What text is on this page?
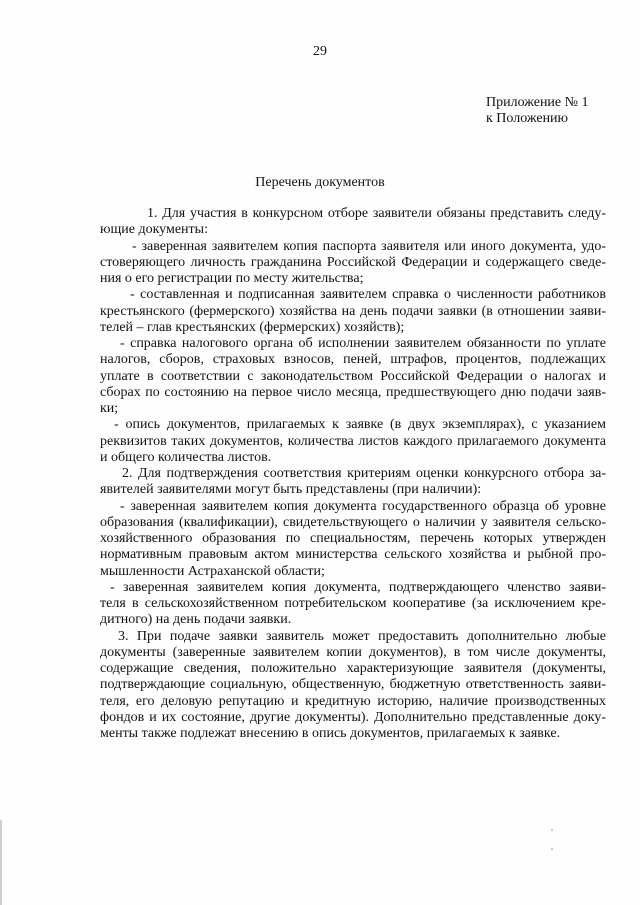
29
Приложение № 1
к Положению
Перечень документов
1. Для участия в конкурсном отборе заявители обязаны представить следу-
ющие документы:
- заверенная заявителем копия паспорта заявителя или иного документа, удо-
стоверяющего личность гражданина Российской Федерации и содержащего сведе-
ния о его регистрации по месту жительства;
- составленная и подписанная заявителем справка о численности работников
крестьянского (фермерского) хозяйства на день подачи заявки (в отношении заяви-
телей – глав крестьянских (фермерских) хозяйств);
- справка налогового органа об исполнении заявителем обязанности по уплате
налогов, сборов, страховых взносов, пеней, штрафов, процентов, подлежащих
уплате в соответствии с законодательством Российской Федерации о налогах и
сборах по состоянию на первое число месяца, предшествующего дню подачи заяв-
ки;
- опись документов, прилагаемых к заявке (в двух экземплярах), с указанием
реквизитов таких документов, количества листов каждого прилагаемого документа
и общего количества листов.
2. Для подтверждения соответствия критериям оценки конкурсного отбора за-
явителей заявителями могут быть представлены (при наличии):
- заверенная заявителем копия документа государственного образца об уровне
образования (квалификации), свидетельствующего о наличии у заявителя сельско-
хозяйственного образования по специальностям, перечень которых утвержден
нормативным правовым актом министерства сельского хозяйства и рыбной про-
мышленности Астраханской области;
- заверенная заявителем копия документа, подтверждающего членство заяви-
теля в сельскохозяйственном потребительском кооперативе (за исключением кре-
дитного) на день подачи заявки.
3. При подаче заявки заявитель может предоставить дополнительно любые
документы (заверенные заявителем копии документов), в том числе документы,
содержащие сведения, положительно характеризующие заявителя (документы,
подтверждающие социальную, общественную, бюджетную ответственность заяви-
теля, его деловую репутацию и кредитную историю, наличие производственных
фондов и их состояние, другие документы). Дополнительно представленные доку-
менты также подлежат внесению в опись документов, прилагаемых к заявке.
